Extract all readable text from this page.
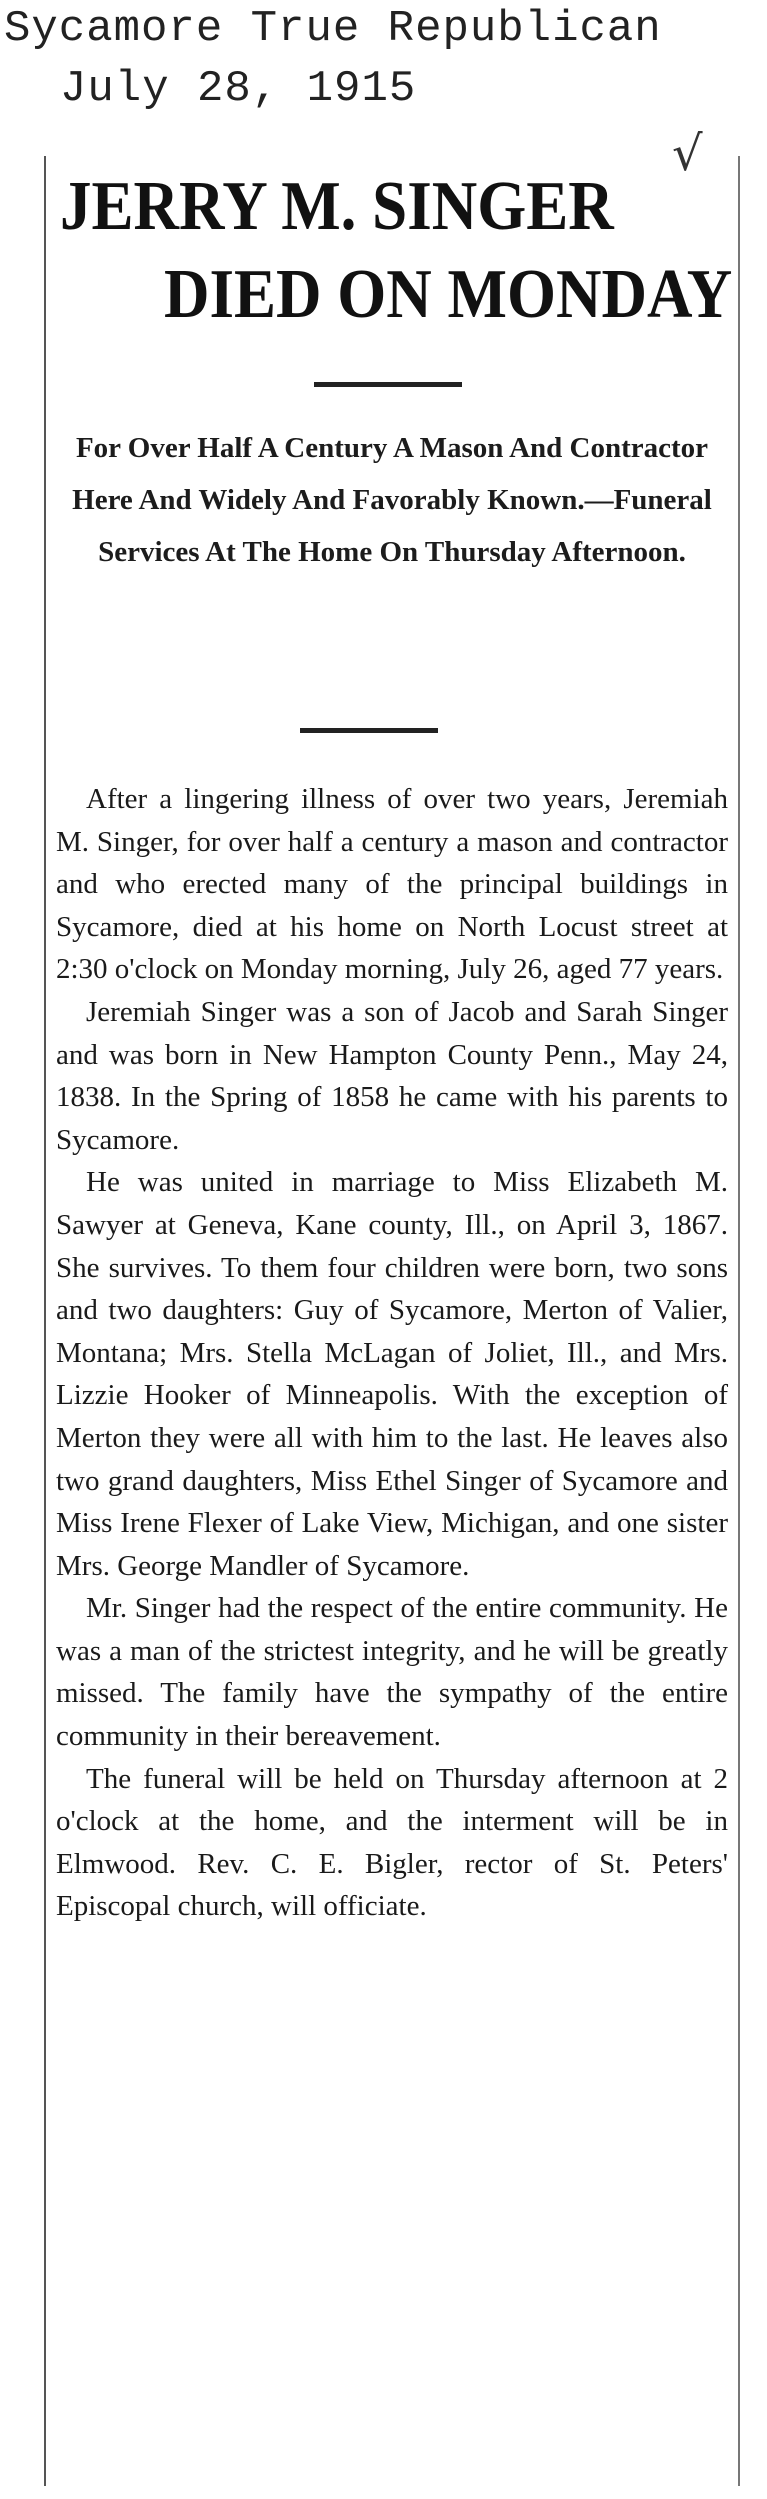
Sycamore True Republican
July 28, 1915
√
JERRY M. SINGER
DIED ON MONDAY
For Over Half A Century A Mason And Contractor Here And Widely And Favorably Known.—Funeral Services At The Home On Thursday Afternoon.

After a lingering illness of over two years, Jeremiah M. Singer, for over half a century a mason and contractor and who erected many of the principal buildings in Sycamore, died at his home on North Locust street at 2:30 o'clock on Monday morning, July 26, aged 77 years.

Jeremiah Singer was a son of Jacob and Sarah Singer and was born in New Hampton County Penn., May 24, 1838. In the Spring of 1858 he came with his parents to Sycamore.

He was united in marriage to Miss Elizabeth M. Sawyer at Geneva, Kane county, Ill., on April 3, 1867. She survives. To them four children were born, two sons and two daughters: Guy of Sycamore, Merton of Valier, Montana; Mrs. Stella McLagan of Joliet, Ill., and Mrs. Lizzie Hooker of Minneapolis. With the exception of Merton they were all with him to the last. He leaves also two grand daughters, Miss Ethel Singer of Sycamore and Miss Irene Flexer of Lake View, Michigan, and one sister Mrs. George Mandler of Sycamore.

Mr. Singer had the respect of the entire community. He was a man of the strictest integrity, and he will be greatly missed. The family have the sympathy of the entire community in their bereavement.

The funeral will be held on Thursday afternoon at 2 o'clock at the home, and the interment will be in Elmwood. Rev. C. E. Bigler, rector of St. Peters' Episcopal church, will officiate.
